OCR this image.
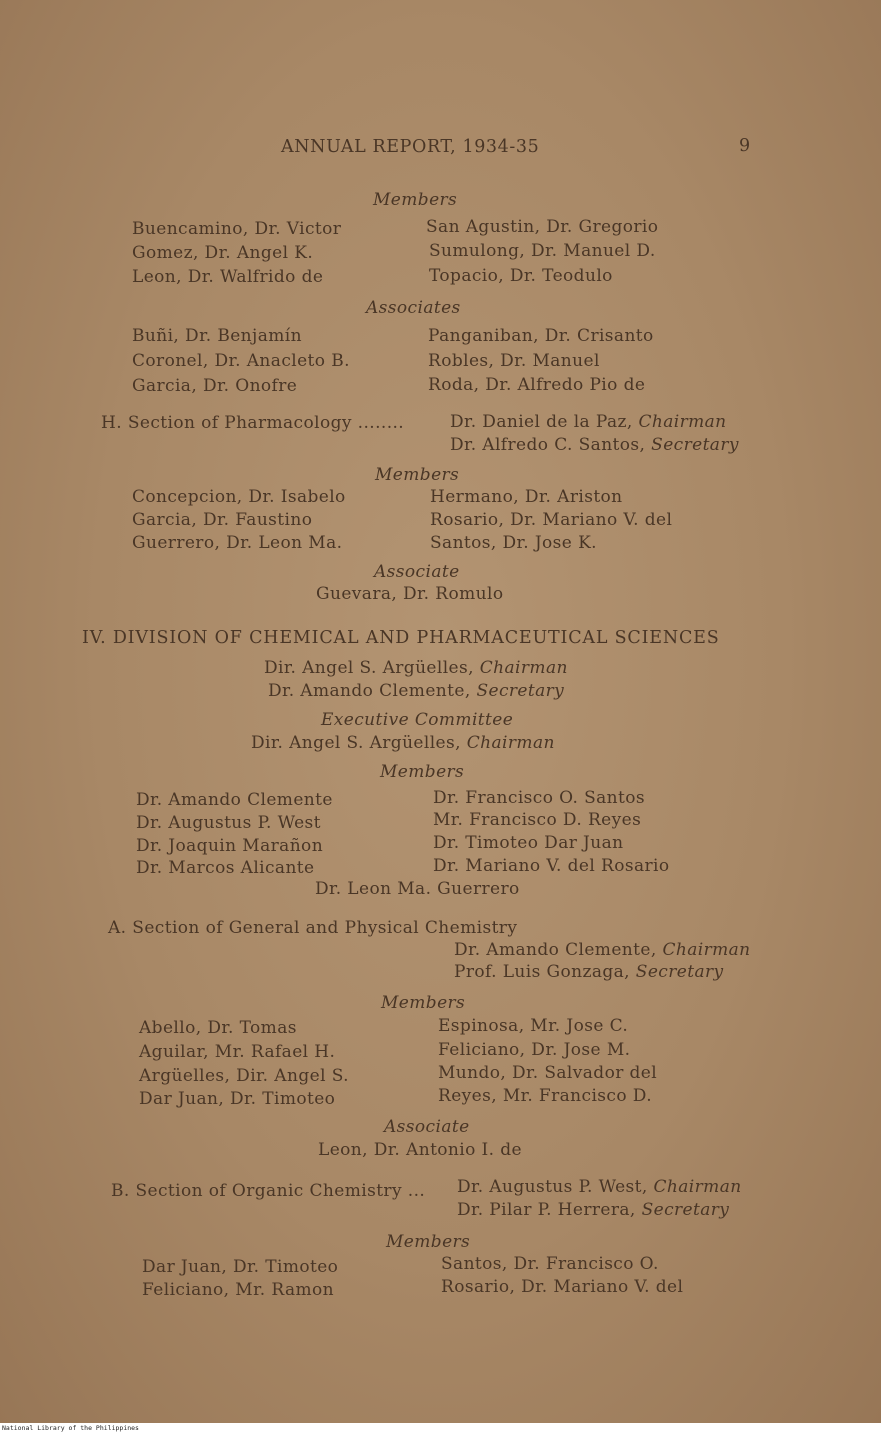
ANNUAL REPORT, 1934-35	9
Members
Buencamino, Dr. Victor
Gomez, Dr. Angel K.
Leon, Dr. Walfrido de
San Agustin, Dr. Gregorio
Sumulong, Dr. Manuel D.
Topacio, Dr. Teodulo
Associates
Buñi, Dr. Benjamín
Coronel, Dr. Anacleto B.
Garcia, Dr. Onofre
Panganiban, Dr. Crisanto
Robles, Dr. Manuel
Roda, Dr. Alfredo Pio de
H. Section of Pharmacology ........	Dr. Daniel de la Paz, Chairman
Dr. Alfredo C. Santos, Secretary
Members
Concepcion, Dr. Isabelo
Garcia, Dr. Faustino
Guerrero, Dr. Leon Ma.
Hermano, Dr. Ariston
Rosario, Dr. Mariano V. del
Santos, Dr. Jose K.
Associate
Guevara, Dr. Romulo
IV. DIVISION OF CHEMICAL AND PHARMACEUTICAL SCIENCES
Dir. Angel S. Argüelles, Chairman
Dr. Amando Clemente, Secretary
Executive Committee
Dir. Angel S. Argüelles, Chairman
Members
Dr. Amando Clemente
Dr. Augustus P. West
Dr. Joaquin Marañon
Dr. Marcos Alicante
Dr. Francisco O. Santos
Mr. Francisco D. Reyes
Dr. Timoteo Dar Juan
Dr. Mariano V. del Rosario
Dr. Leon Ma. Guerrero
A. Section of General and Physical Chemistry
Dr. Amando Clemente, Chairman
Prof. Luis Gonzaga, Secretary
Members
Abello, Dr. Tomas
Aguilar, Mr. Rafael H.
Argüelles, Dir. Angel S.
Dar Juan, Dr. Timoteo
Espinosa, Mr. Jose C.
Feliciano, Dr. Jose M.
Mundo, Dr. Salvador del
Reyes, Mr. Francisco D.
Associate
Leon, Dr. Antonio I. de
B. Section of Organic Chemistry ... Dr. Augustus P. West, Chairman
Dr. Pilar P. Herrera, Secretary
Members
Dar Juan, Dr. Timoteo
Feliciano, Mr. Ramon
Santos, Dr. Francisco O.
Rosario, Dr. Mariano V. del
National Library of the Philippines
